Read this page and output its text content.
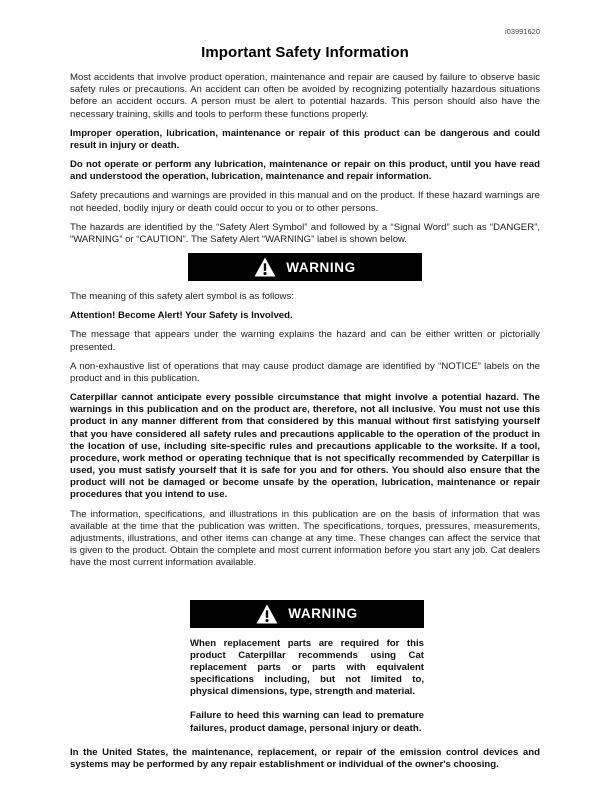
i03991620
Important Safety Information

Most accidents that involve product operation, maintenance and repair are caused by failure to observe basic safety rules or precautions. An accident can often be avoided by recognizing potentially hazardous situations before an accident occurs. A person must be alert to potential hazards. This person should also have the necessary training, skills and tools to perform these functions properly.

Improper operation, lubrication, maintenance or repair of this product can be dangerous and could result in injury or death.

Do not operate or perform any lubrication, maintenance or repair on this product, until you have read and understood the operation, lubrication, maintenance and repair information.

Safety precautions and warnings are provided in this manual and on the product. If these hazard warnings are not heeded, bodily injury or death could occur to you or to other persons.

The hazards are identified by the “Safety Alert Symbol” and followed by a “Signal Word” such as “DANGER”, “WARNING” or “CAUTION”. The Safety Alert “WARNING” label is shown below.

WARNING

The meaning of this safety alert symbol is as follows:

Attention! Become Alert! Your Safety is Involved.

The message that appears under the warning explains the hazard and can be either written or pictorially presented.

A non-exhaustive list of operations that may cause product damage are identified by “NOTICE” labels on the product and in this publication.

Caterpillar cannot anticipate every possible circumstance that might involve a potential hazard. The warnings in this publication and on the product are, therefore, not all inclusive. You must not use this product in any manner different from that considered by this manual without first satisfying yourself that you have considered all safety rules and precautions applicable to the operation of the product in the location of use, including site-specific rules and precautions applicable to the worksite. If a tool, procedure, work method or operating technique that is not specifically recommended by Caterpillar is used, you must satisfy yourself that it is safe for you and for others. You should also ensure that the product will not be damaged or become unsafe by the operation, lubrication, maintenance or repair procedures that you intend to use.

The information, specifications, and illustrations in this publication are on the basis of information that was available at the time that the publication was written. The specifications, torques, pressures, measurements, adjustments, illustrations, and other items can change at any time. These changes can affect the service that is given to the product. Obtain the complete and most current information before you start any job. Cat dealers have the most current information available.

WARNING

When replacement parts are required for this product Caterpillar recommends using Cat replacement parts or parts with equivalent specifications including, but not limited to, physical dimensions, type, strength and material.

Failure to heed this warning can lead to premature failures, product damage, personal injury or death.

In the United States, the maintenance, replacement, or repair of the emission control devices and systems may be performed by any repair establishment or individual of the owner's choosing.
